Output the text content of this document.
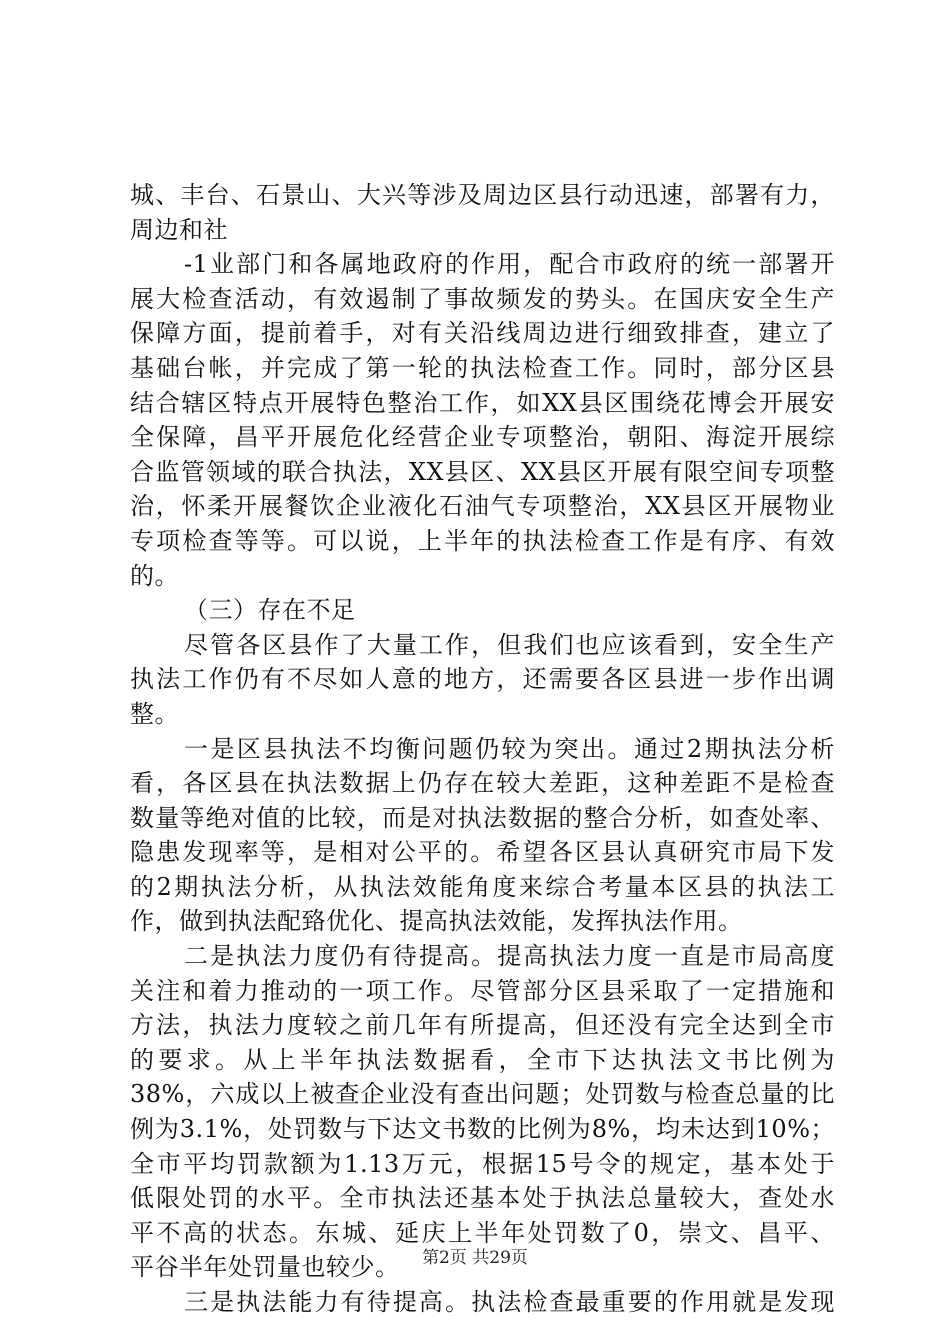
城、丰台、石景山、大兴等涉及周边区县行动迅速，部署有力，
周边和社
-1业部门和各属地政府的作用，配合市政府的统一部署开
展大检查活动，有效遏制了事故频发的势头。在国庆安全生产
保障方面，提前着手，对有关沿线周边进行细致排查，建立了
基础台帐，并完成了第一轮的执法检查工作。同时，部分区县
结合辖区特点开展特色整治工作，如XX县区围绕花博会开展安
全保障，昌平开展危化经营企业专项整治，朝阳、海淀开展综
合监管领域的联合执法，XX县区、XX县区开展有限空间专项整
治，怀柔开展餐饮企业液化石油气专项整治，XX县区开展物业
专项检查等等。可以说，上半年的执法检查工作是有序、有效
的。
（三）存在不足
尽管各区县作了大量工作，但我们也应该看到，安全生产
执法工作仍有不尽如人意的地方，还需要各区县进一步作出调
整。
一是区县执法不均衡问题仍较为突出。通过2期执法分析
看，各区县在执法数据上仍存在较大差距，这种差距不是检查
数量等绝对值的比较，而是对执法数据的整合分析，如查处率、
隐患发现率等，是相对公平的。希望各区县认真研究市局下发
的2期执法分析，从执法效能角度来综合考量本区县的执法工
作，做到执法配臵优化、提高执法效能，发挥执法作用。
二是执法力度仍有待提高。提高执法力度一直是市局高度
关注和着力推动的一项工作。尽管部分区县采取了一定措施和
方法，执法力度较之前几年有所提高，但还没有完全达到全市
的要求。从上半年执法数据看，全市下达执法文书比例为
38%，六成以上被查企业没有查出问题；处罚数与检查总量的比
例为3.1%，处罚数与下达文书数的比例为8%，均未达到10%；
全市平均罚款额为1.13万元，根据15号令的规定，基本处于
低限处罚的水平。全市执法还基本处于执法总量较大，查处水
平不高的状态。东城、延庆上半年处罚数了0，崇文、昌平、
平谷半年处罚量也较少。
三是执法能力有待提高。执法检查最重要的作用就是发现
第2页 共29页
